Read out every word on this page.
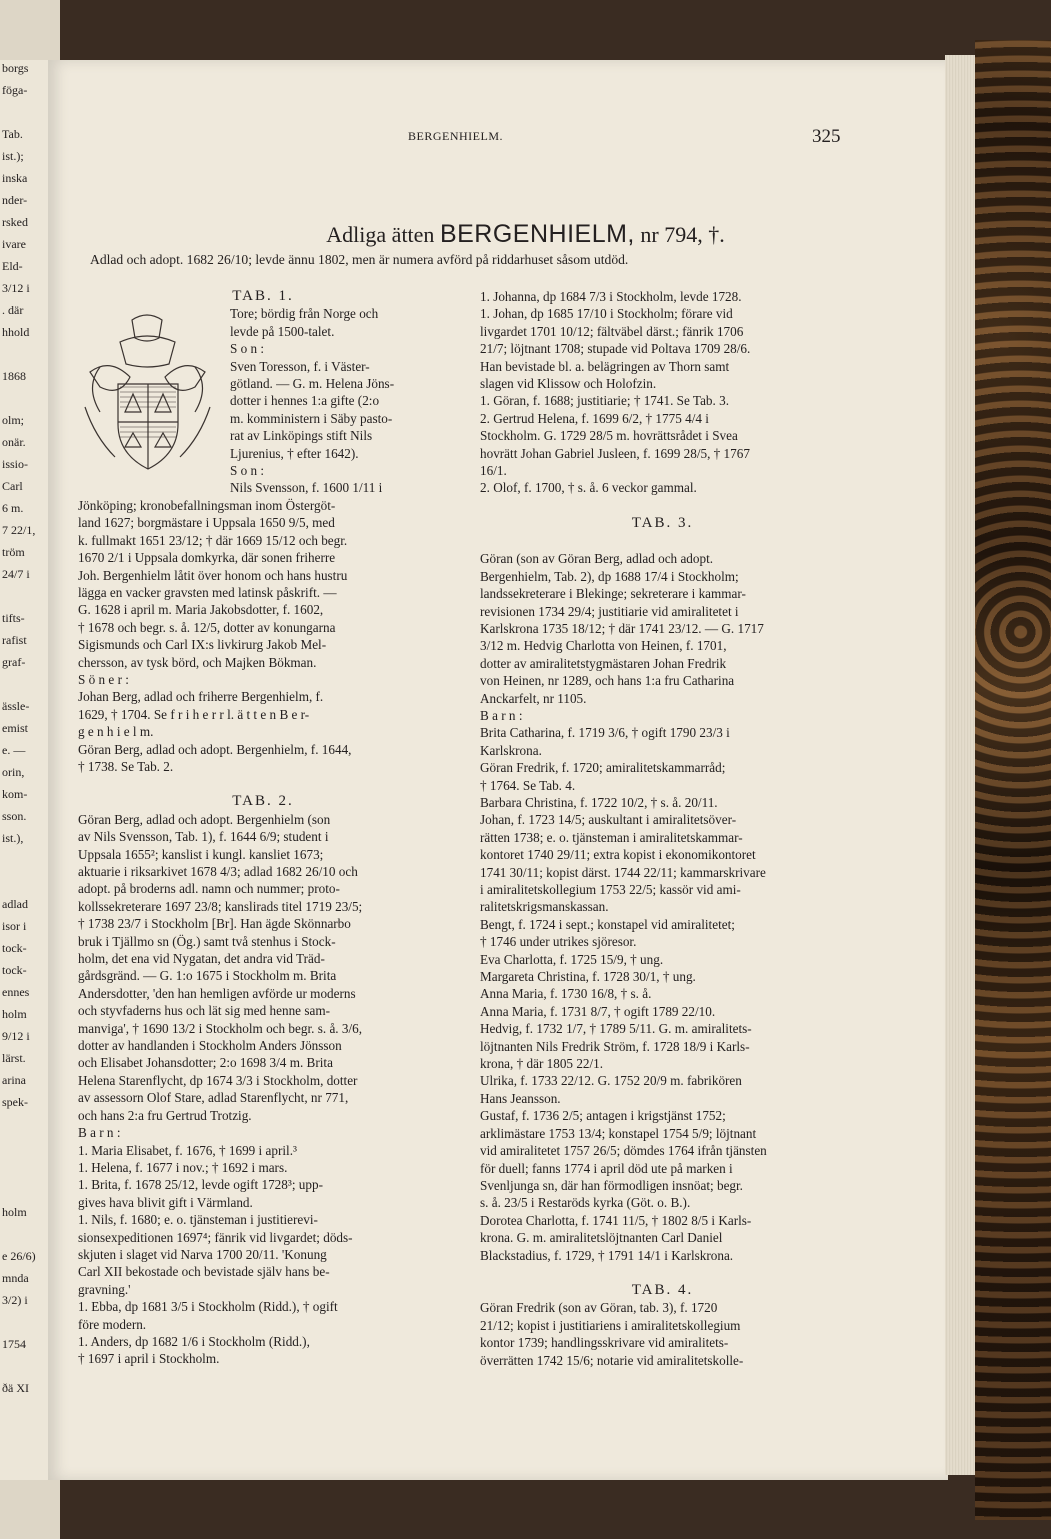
borgs
föga-
Tab.
ist.);
inska
nder-
rsked
ivare
Eld-
3/12 i
. där
hhold
1868
olm;
onär.
issio-
Carl
6 m.
7 22/1,
tröm
24/7 i
tifts-
rafist
graf-
ässle-
emist
e. —
orin,
kom-
sson.
ist.),
adlad
isor i
tock-
tock-
ennes
holm
9/12 i
lärst.
arina
spek-
holm
e 26/6)
mnda
3/2) i
1754
ðä XI
BERGENHIELM.	325
Adliga ätten BERGENHIELM, nr 794, †.
Adlad och adopt. 1682 26/10; levde ännu 1802, men är numera avförd på riddarhuset såsom utdöd.
TAB. 1.
Tore; bördig från Norge och
levde på 1500-talet.
S o n :
Sven Toresson, f. i Väster-
götland. — G. m. Helena Jöns-
dotter i hennes 1:a gifte (2:o
m. komministern i Säby pasto-
rat av Linköpings stift Nils
Ljurenius, † efter 1642).
S o n :
Nils Svensson, f. 1600 1/11 i
Jönköping; kronobefallningsman inom Östergöt-
land 1627; borgmästare i Uppsala 1650 9/5, med
k. fullmakt 1651 23/12; † där 1669 15/12 och begr.
1670 2/1 i Uppsala domkyrka, där sonen friherre
Joh. Bergenhielm låtit över honom och hans hustru
lägga en vacker gravsten med latinsk påskrift. —
G. 1628 i april m. Maria Jakobsdotter, f. 1602,
† 1678 och begr. s. å. 12/5, dotter av konungarna
Sigismunds och Carl IX:s livkirurg Jakob Mel-
chersson, av tysk börd, och Majken Bökman.
S ö n e r :
Johan Berg, adlad och friherre Bergenhielm, f.
1629, † 1704. Se f r i h e r r l. ä t t e n B e r-
g e n h i e l m.
Göran Berg, adlad och adopt. Bergenhielm, f. 1644,
† 1738. Se Tab. 2.
TAB. 2.
Göran Berg, adlad och adopt. Bergenhielm (son
av Nils Svensson, Tab. 1), f. 1644 6/9; student i
Uppsala 1655²; kanslist i kungl. kansliet 1673;
aktuarie i riksarkivet 1678 4/3; adlad 1682 26/10 och
adopt. på broderns adl. namn och nummer; proto-
kollssekreterare 1697 23/8; kanslirads titel 1719 23/5;
† 1738 23/7 i Stockholm [Br]. Han ägde Skönnarbo
bruk i Tjällmo sn (Ög.) samt två stenhus i Stock-
holm, det ena vid Nygatan, det andra vid Träd-
gårdsgränd. — G. 1:o 1675 i Stockholm m. Brita
Andersdotter, 'den han hemligen avförde ur moderns
och styvfaderns hus och lät sig med henne sam-
manviga', † 1690 13/2 i Stockholm och begr. s. å. 3/6,
dotter av handlanden i Stockholm Anders Jönsson
och Elisabet Johansdotter; 2:o 1698 3/4 m. Brita
Helena Starenflycht, dp 1674 3/3 i Stockholm, dotter
av assessorn Olof Stare, adlad Starenflycht, nr 771,
och hans 2:a fru Gertrud Trotzig.
B a r n :
1. Maria Elisabet, f. 1676, † 1699 i april.³
1. Helena, f. 1677 i nov.; † 1692 i mars.
1. Brita, f. 1678 25/12, levde ogift 1728³; upp-
gives hava blivit gift i Värmland.
1. Nils, f. 1680; e. o. tjänsteman i justitierevi-
sionsexpeditionen 1697⁴; fänrik vid livgardet; döds-
skjuten i slaget vid Narva 1700 20/11. 'Konung
Carl XII bekostade och bevistade själv hans be-
gravning.'
1. Ebba, dp 1681 3/5 i Stockholm (Ridd.), † ogift
före modern.
1. Anders, dp 1682 1/6 i Stockholm (Ridd.),
† 1697 i april i Stockholm.
1. Johanna, dp 1684 7/3 i Stockholm, levde 1728.
1. Johan, dp 1685 17/10 i Stockholm; förare vid
livgardet 1701 10/12; fältväbel därst.; fänrik 1706
21/7; löjtnant 1708; stupade vid Poltava 1709 28/6.
Han bevistade bl. a. belägringen av Thorn samt
slagen vid Klissow och Holofzin.
1. Göran, f. 1688; justitiarie; † 1741. Se Tab. 3.
2. Gertrud Helena, f. 1699 6/2, † 1775 4/4 i
Stockholm. G. 1729 28/5 m. hovrättsrådet i Svea
hovrätt Johan Gabriel Jusleen, f. 1699 28/5, † 1767
16/1.
2. Olof, f. 1700, † s. å. 6 veckor gammal.
TAB. 3.
Göran (son av Göran Berg, adlad och adopt.
Bergenhielm, Tab. 2), dp 1688 17/4 i Stockholm;
landssekreterare i Blekinge; sekreterare i kammar-
revisionen 1734 29/4; justitiarie vid amiralitetet i
Karlskrona 1735 18/12; † där 1741 23/12. — G. 1717
3/12 m. Hedvig Charlotta von Heinen, f. 1701,
dotter av amiralitetstygmästaren Johan Fredrik
von Heinen, nr 1289, och hans 1:a fru Catharina
Anckarfelt, nr 1105.
B a r n :
Brita Catharina, f. 1719 3/6, † ogift 1790 23/3 i
Karlskrona.
Göran Fredrik, f. 1720; amiralitetskammarråd;
† 1764. Se Tab. 4.
Barbara Christina, f. 1722 10/2, † s. å. 20/11.
Johan, f. 1723 14/5; auskultant i amiralitetsöver-
rätten 1738; e. o. tjänsteman i amiralitetskammar-
kontoret 1740 29/11; extra kopist i ekonomikontoret
1741 30/11; kopist därst. 1744 22/11; kammarskrivare
i amiralitetskollegium 1753 22/5; kassör vid ami-
ralitetskrigsmanskassan.
Bengt, f. 1724 i sept.; konstapel vid amiralitetet;
† 1746 under utrikes sjöresor.
Eva Charlotta, f. 1725 15/9, † ung.
Margareta Christina, f. 1728 30/1, † ung.
Anna Maria, f. 1730 16/8, † s. å.
Anna Maria, f. 1731 8/7, † ogift 1789 22/10.
Hedvig, f. 1732 1/7, † 1789 5/11. G. m. amiralitets-
löjtnanten Nils Fredrik Ström, f. 1728 18/9 i Karls-
krona, † där 1805 22/1.
Ulrika, f. 1733 22/12. G. 1752 20/9 m. fabrikören
Hans Jeansson.
Gustaf, f. 1736 2/5; antagen i krigstjänst 1752;
arklimästare 1753 13/4; konstapel 1754 5/9; löjtnant
vid amiralitetet 1757 26/5; dömdes 1764 ifrån tjänsten
för duell; fanns 1774 i april död ute på marken i
Svenljunga sn, där han förmodligen insnöat; begr.
s. å. 23/5 i Restaröds kyrka (Göt. o. B.).
Dorotea Charlotta, f. 1741 11/5, † 1802 8/5 i Karls-
krona. G. m. amiralitetslöjtnanten Carl Daniel
Blackstadius, f. 1729, † 1791 14/1 i Karlskrona.
TAB. 4.
Göran Fredrik (son av Göran, tab. 3), f. 1720
21/12; kopist i justitiariens i amiralitetskollegium
kontor 1739; handlingsskrivare vid amiralitets-
överrätten 1742 15/6; notarie vid amiralitetskolle-
